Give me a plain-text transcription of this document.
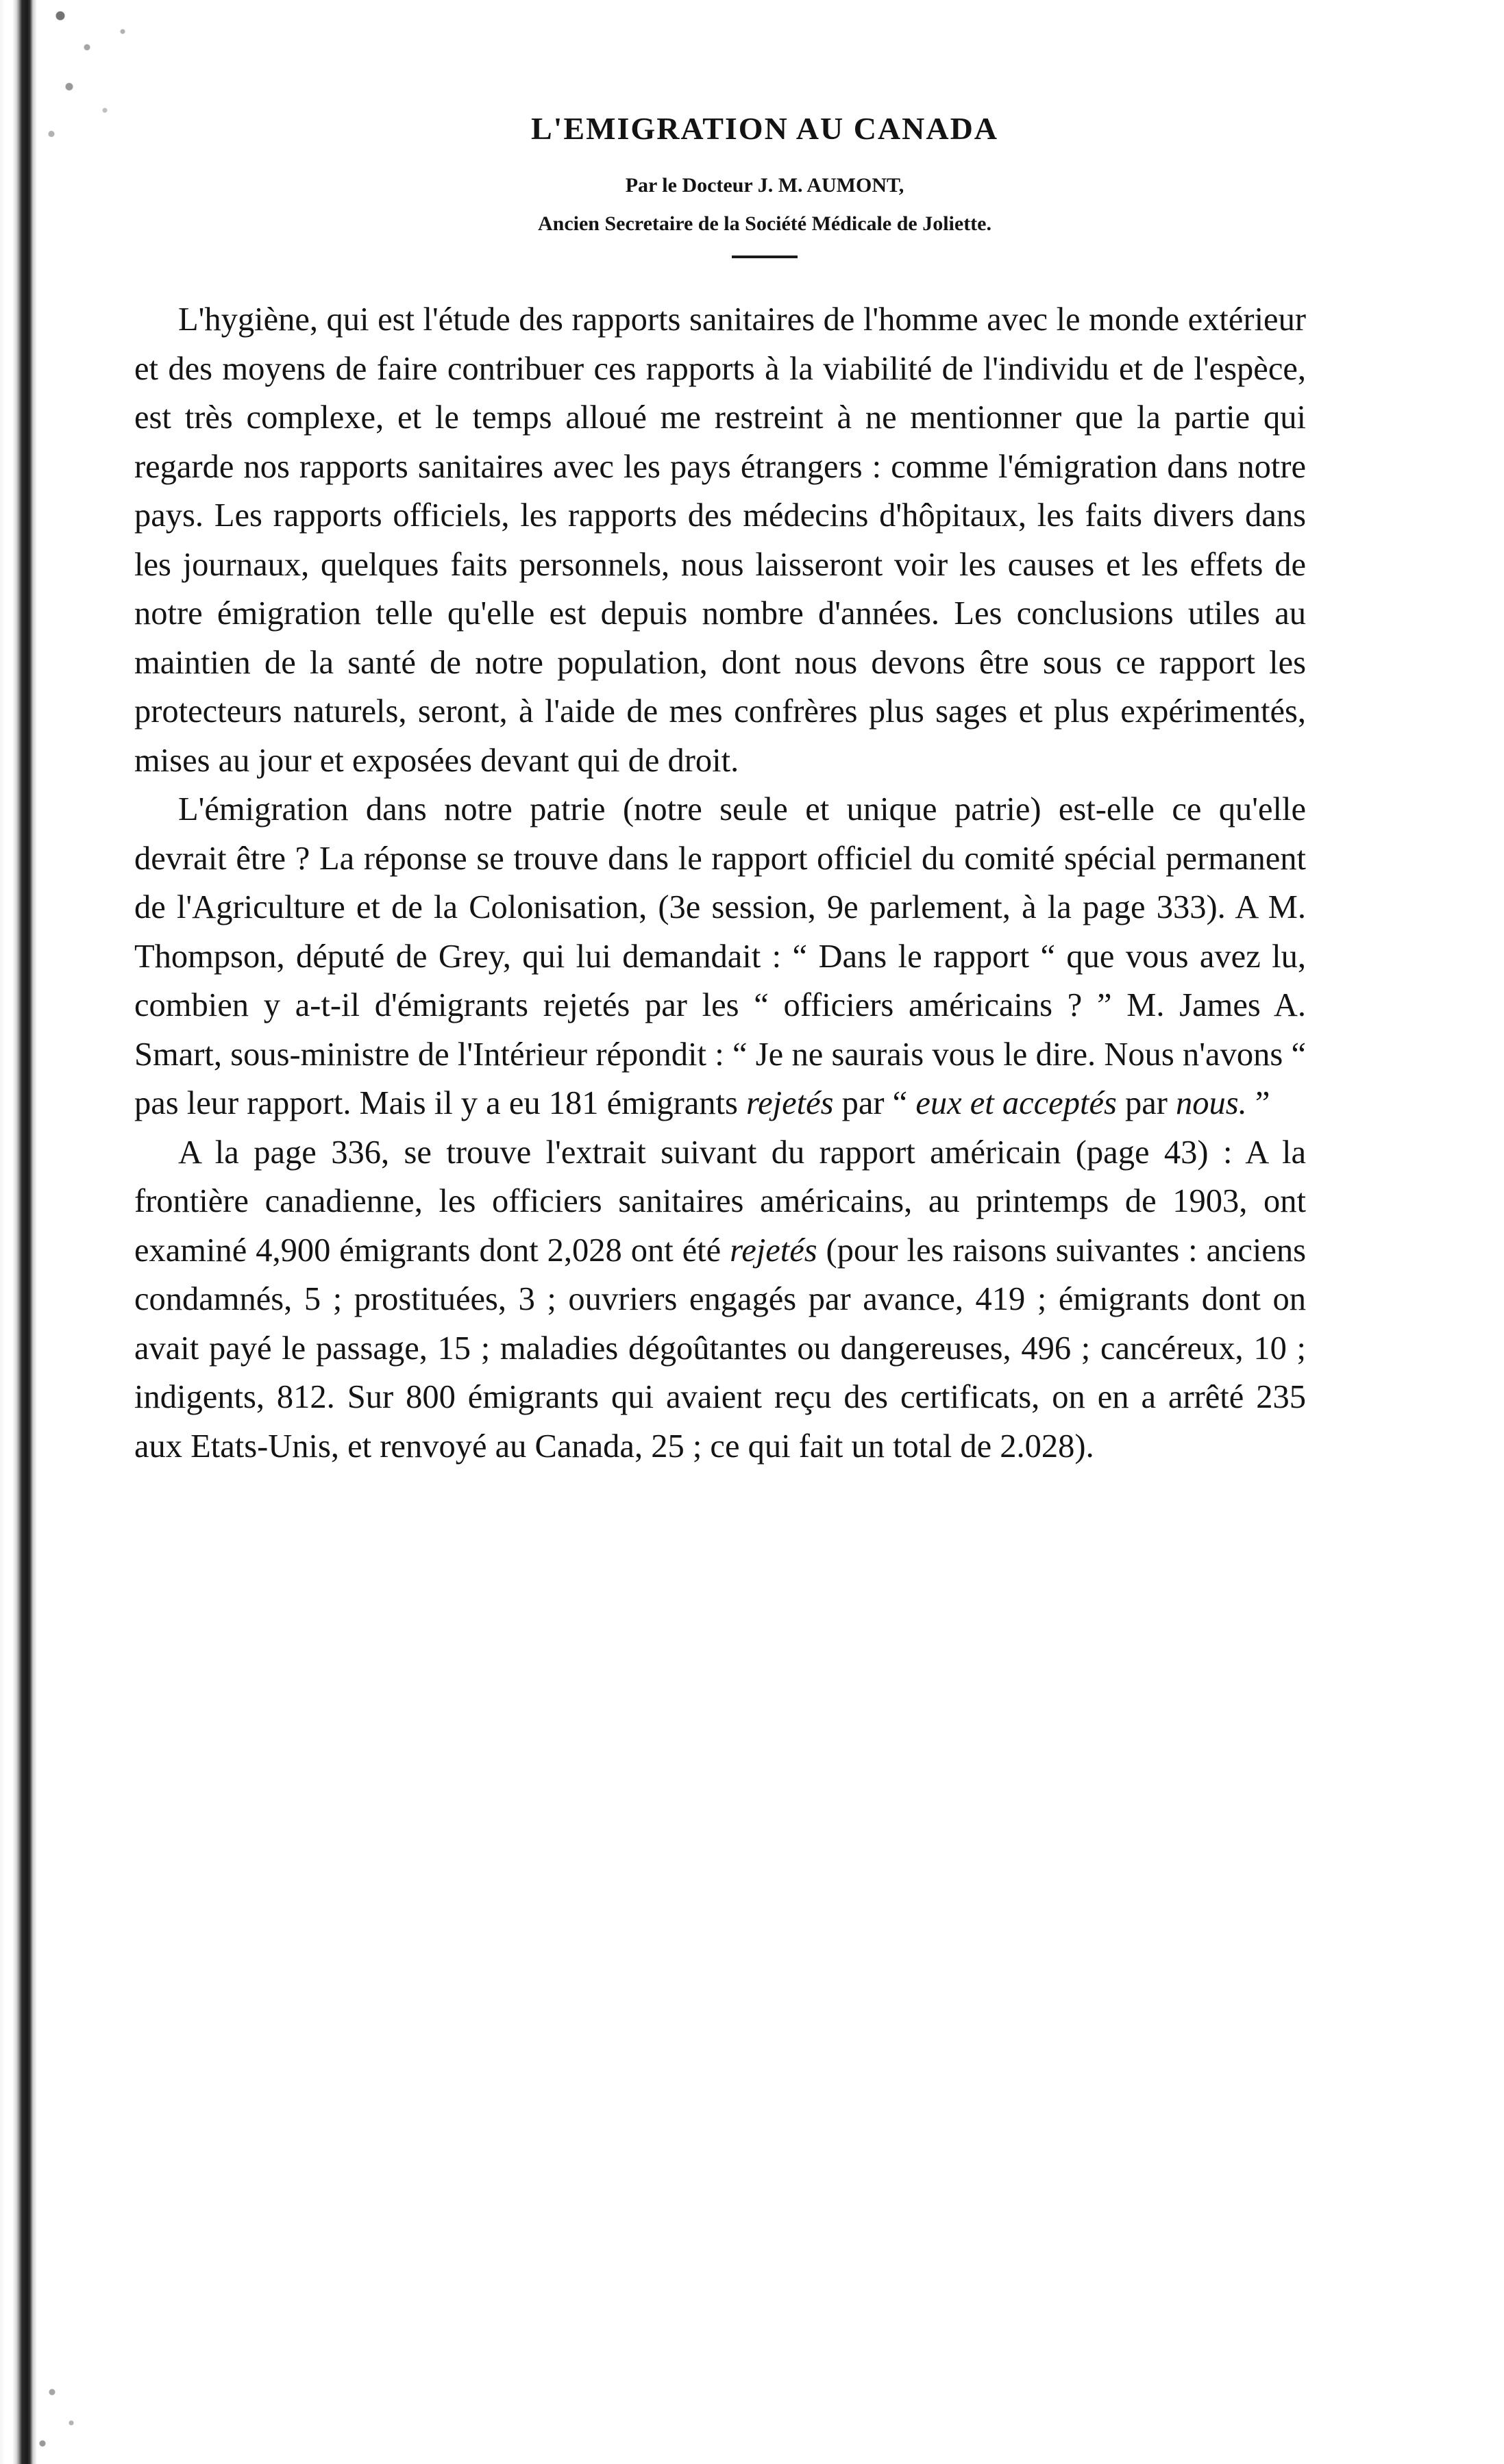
L'EMIGRATION AU CANADA
Par le Docteur J. M. AUMONT,
Ancien Secretaire de la Société Médicale de Joliette.

L'hygiène, qui est l'étude des rapports sanitaires de l'homme avec le monde extérieur et des moyens de faire contribuer ces rapports à la viabilité de l'individu et de l'espèce, est très complexe, et le temps alloué me restreint à ne mentionner que la partie qui regarde nos rapports sanitaires avec les pays étrangers : comme l'émigration dans notre pays. Les rapports officiels, les rapports des médecins d'hôpitaux, les faits divers dans les journaux, quelques faits personnels, nous laisseront voir les causes et les effets de notre émigration telle qu'elle est depuis nombre d'années. Les conclusions utiles au maintien de la santé de notre population, dont nous devons être sous ce rapport les protecteurs naturels, seront, à l'aide de mes confrères plus sages et plus expérimentés, mises au jour et exposées devant qui de droit.

L'émigration dans notre patrie (notre seule et unique patrie) est-elle ce qu'elle devrait être ? La réponse se trouve dans le rapport officiel du comité spécial permanent de l'Agriculture et de la Colonisation, (3e session, 9e parlement, à la page 333). A M. Thompson, député de Grey, qui lui demandait : “ Dans le rapport “ que vous avez lu, combien y a-t-il d'émigrants rejetés par les “ officiers américains ? ” M. James A. Smart, sous-ministre de l'Intérieur répondit : “ Je ne saurais vous le dire. Nous n'avons “ pas leur rapport. Mais il y a eu 181 émigrants rejetés par “ eux et acceptés par nous. ”

A la page 336, se trouve l'extrait suivant du rapport américain (page 43) : A la frontière canadienne, les officiers sanitaires américains, au printemps de 1903, ont examiné 4,900 émigrants dont 2,028 ont été rejetés (pour les raisons suivantes : anciens condamnés, 5 ; prostituées, 3 ; ouvriers engagés par avance, 419 ; émigrants dont on avait payé le passage, 15 ; maladies dégoûtantes ou dangereuses, 496 ; cancéreux, 10 ; indigents, 812. Sur 800 émigrants qui avaient reçu des certificats, on en a arrêté 235 aux Etats-Unis, et renvoyé au Canada, 25 ; ce qui fait un total de 2.028).
